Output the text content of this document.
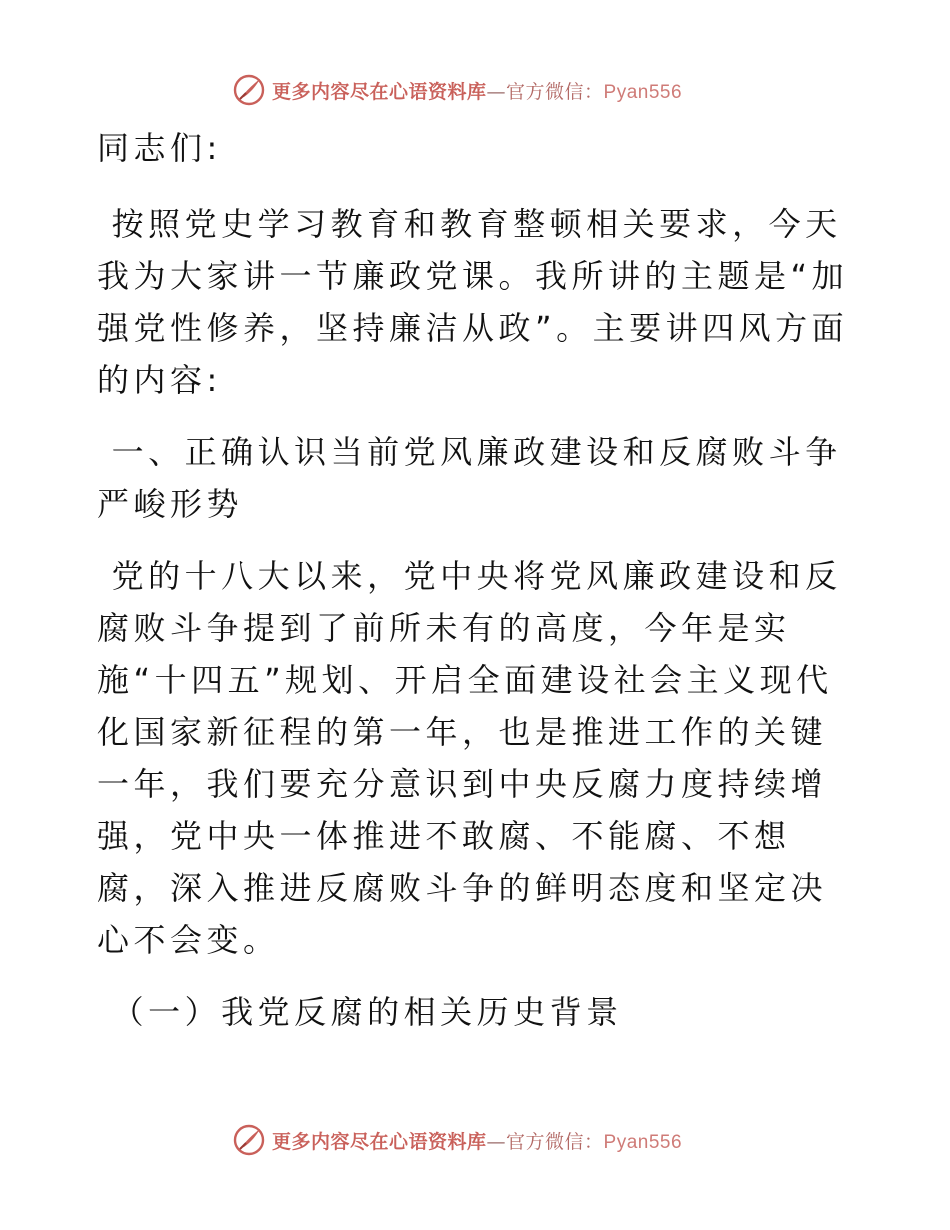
更多内容尽在心语资料库—官方微信：Pyan556

同志们:

按照党史学习教育和教育整顿相关要求，今天我为大家讲一节廉政党课。我所讲的主题是“加强党性修养，坚持廉洁从政”。主要讲四风方面的内容:

一、正确认识当前党风廉政建设和反腐败斗争严峻形势

党的十八大以来，党中央将党风廉政建设和反腐败斗争提到了前所未有的高度，今年是实施“十四五”规划、开启全面建设社会主义现代化国家新征程的第一年，也是推进工作的关键一年，我们要充分意识到中央反腐力度持续增强，党中央一体推进不敢腐、不能腐、不想腐，深入推进反腐败斗争的鲜明态度和坚定决心不会变。

（一）我党反腐的相关历史背景

更多内容尽在心语资料库—官方微信：Pyan556
